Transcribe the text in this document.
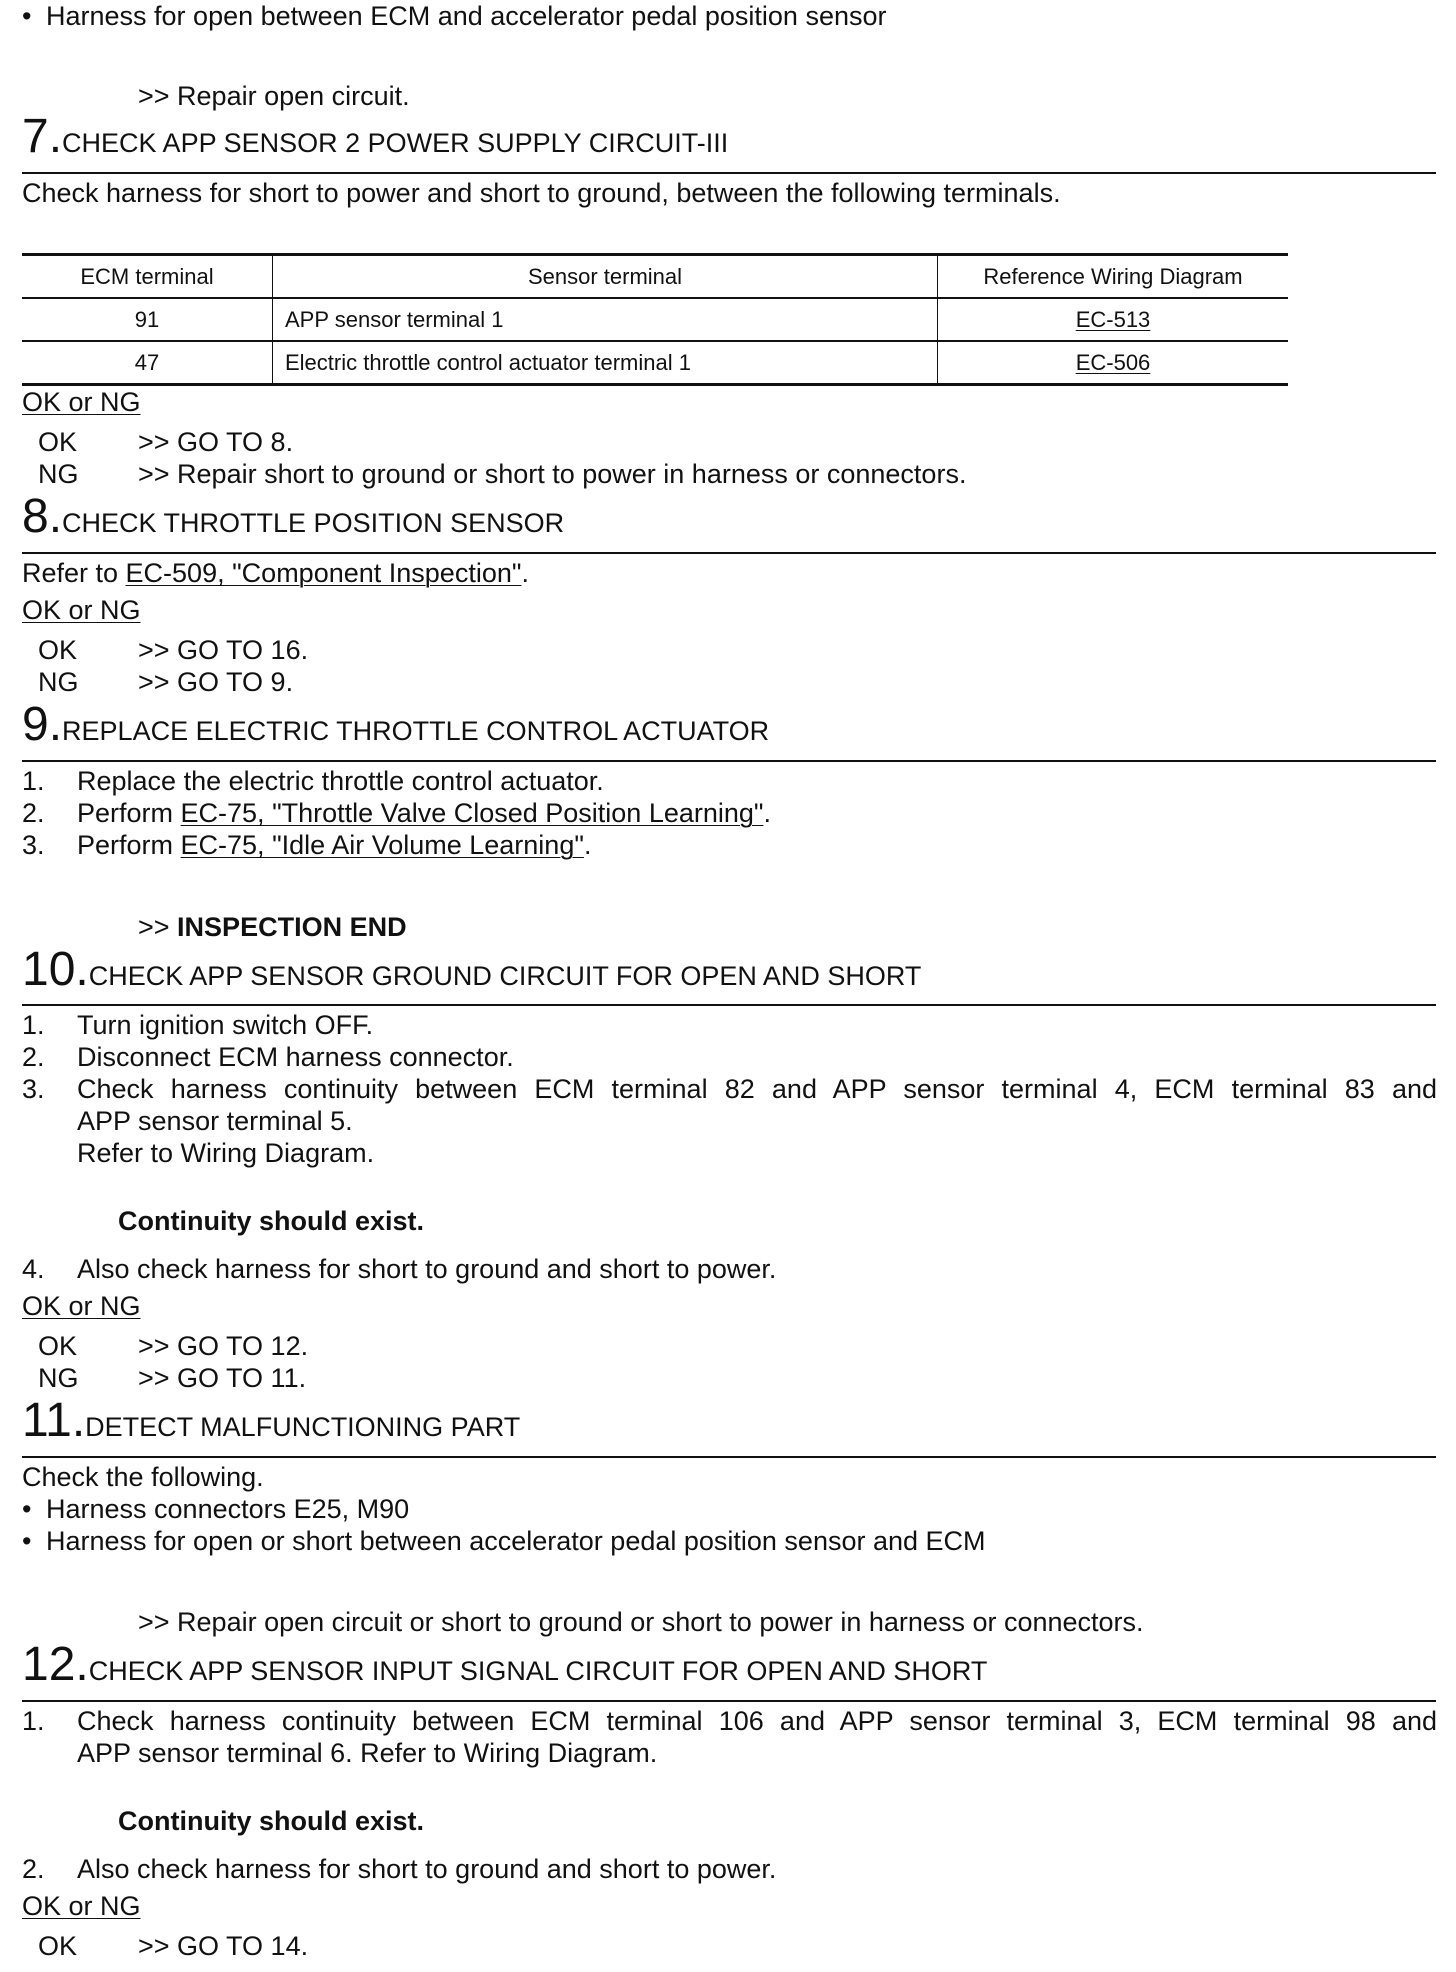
• Harness for open between ECM and accelerator pedal position sensor
>> Repair open circuit.
7.CHECK APP SENSOR 2 POWER SUPPLY CIRCUIT-III
Check harness for short to power and short to ground, between the following terminals.
ECM terminal	Sensor terminal	Reference Wiring Diagram
91	APP sensor terminal 1	EC-513
47	Electric throttle control actuator terminal 1	EC-506
OK or NG
OK >> GO TO 8.
NG >> Repair short to ground or short to power in harness or connectors.
8.CHECK THROTTLE POSITION SENSOR
Refer to EC-509, "Component Inspection".
OK or NG
OK >> GO TO 16.
NG >> GO TO 9.
9.REPLACE ELECTRIC THROTTLE CONTROL ACTUATOR
1. Replace the electric throttle control actuator.
2. Perform EC-75, "Throttle Valve Closed Position Learning".
3. Perform EC-75, "Idle Air Volume Learning".
>> INSPECTION END
10.CHECK APP SENSOR GROUND CIRCUIT FOR OPEN AND SHORT
1. Turn ignition switch OFF.
2. Disconnect ECM harness connector.
3. Check harness continuity between ECM terminal 82 and APP sensor terminal 4, ECM terminal 83 and
APP sensor terminal 5.
Refer to Wiring Diagram.
Continuity should exist.
4. Also check harness for short to ground and short to power.
OK or NG
OK >> GO TO 12.
NG >> GO TO 11.
11.DETECT MALFUNCTIONING PART
Check the following.
• Harness connectors E25, M90
• Harness for open or short between accelerator pedal position sensor and ECM
>> Repair open circuit or short to ground or short to power in harness or connectors.
12.CHECK APP SENSOR INPUT SIGNAL CIRCUIT FOR OPEN AND SHORT
1. Check harness continuity between ECM terminal 106 and APP sensor terminal 3, ECM terminal 98 and
APP sensor terminal 6. Refer to Wiring Diagram.
Continuity should exist.
2. Also check harness for short to ground and short to power.
OK or NG
OK >> GO TO 14.
